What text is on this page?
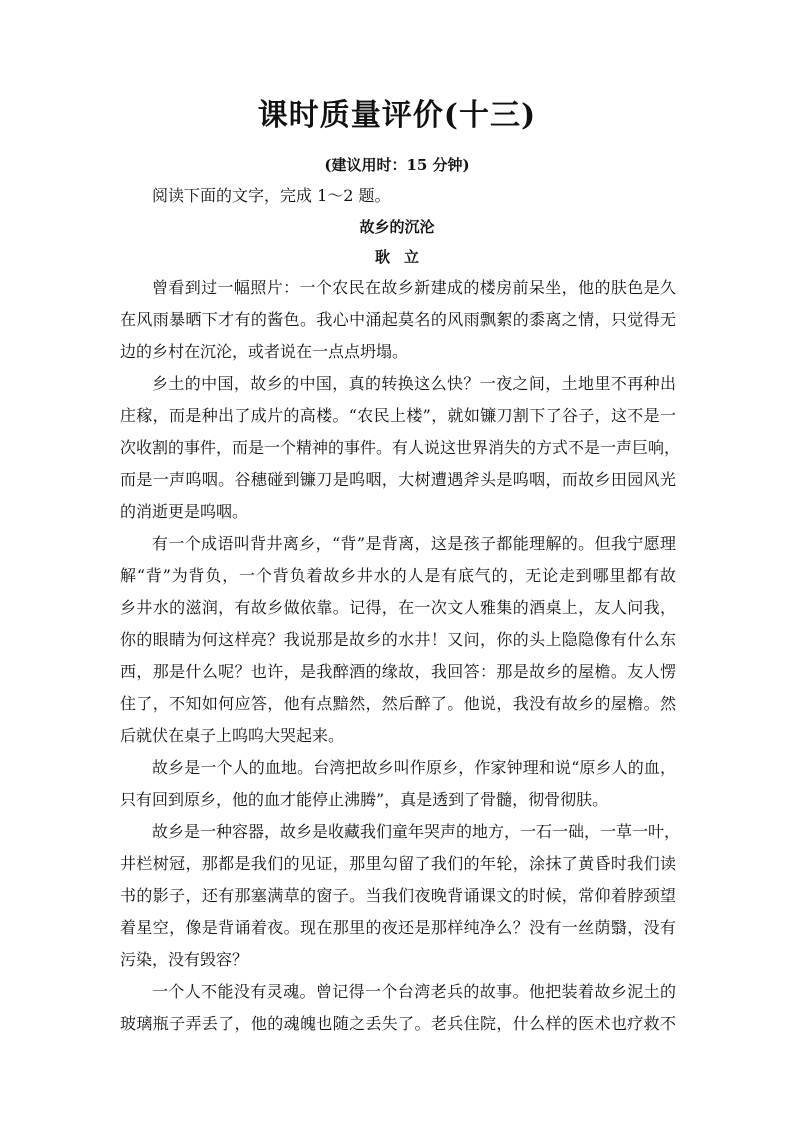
课时质量评价(十三)
(建议用时：15 分钟)
阅读下面的文字，完成 1～2 题。
故乡的沉沦
耿立
曾看到过一幅照片：一个农民在故乡新建成的楼房前呆坐，他的肤色是久
在风雨暴晒下才有的酱色。我心中涌起莫名的风雨飘絮的黍离之情，只觉得无
边的乡村在沉沦，或者说在一点点坍塌。
乡土的中国，故乡的中国，真的转换这么快？一夜之间，土地里不再种出
庄稼，而是种出了成片的高楼。“农民上楼”，就如镰刀割下了谷子，这不是一
次收割的事件，而是一个精神的事件。有人说这世界消失的方式不是一声巨响，
而是一声呜咽。谷穗碰到镰刀是呜咽，大树遭遇斧头是呜咽，而故乡田园风光
的消逝更是呜咽。
有一个成语叫背井离乡，“背”是背离，这是孩子都能理解的。但我宁愿理
解“背”为背负，一个背负着故乡井水的人是有底气的，无论走到哪里都有故
乡井水的滋润，有故乡做依靠。记得，在一次文人雅集的酒桌上，友人问我，
你的眼睛为何这样亮？我说那是故乡的水井！又问，你的头上隐隐像有什么东
西，那是什么呢？也许，是我醉酒的缘故，我回答：那是故乡的屋檐。友人愣
住了，不知如何应答，他有点黯然，然后醉了。他说，我没有故乡的屋檐。然
后就伏在桌子上呜呜大哭起来。
故乡是一个人的血地。台湾把故乡叫作原乡，作家钟理和说“原乡人的血，
只有回到原乡，他的血才能停止沸腾”，真是透到了骨髓，彻骨彻肤。
故乡是一种容器，故乡是收藏我们童年哭声的地方，一石一础，一草一叶，
井栏树冠，那都是我们的见证，那里勾留了我们的年轮，涂抹了黄昏时我们读
书的影子，还有那塞满草的窗子。当我们夜晚背诵课文的时候，常仰着脖颈望
着星空，像是背诵着夜。现在那里的夜还是那样纯净么？没有一丝荫翳，没有
污染，没有毁容？
一个人不能没有灵魂。曾记得一个台湾老兵的故事。他把装着故乡泥土的
玻璃瓶子弄丢了，他的魂魄也随之丢失了。老兵住院，什么样的医术也疗救不
